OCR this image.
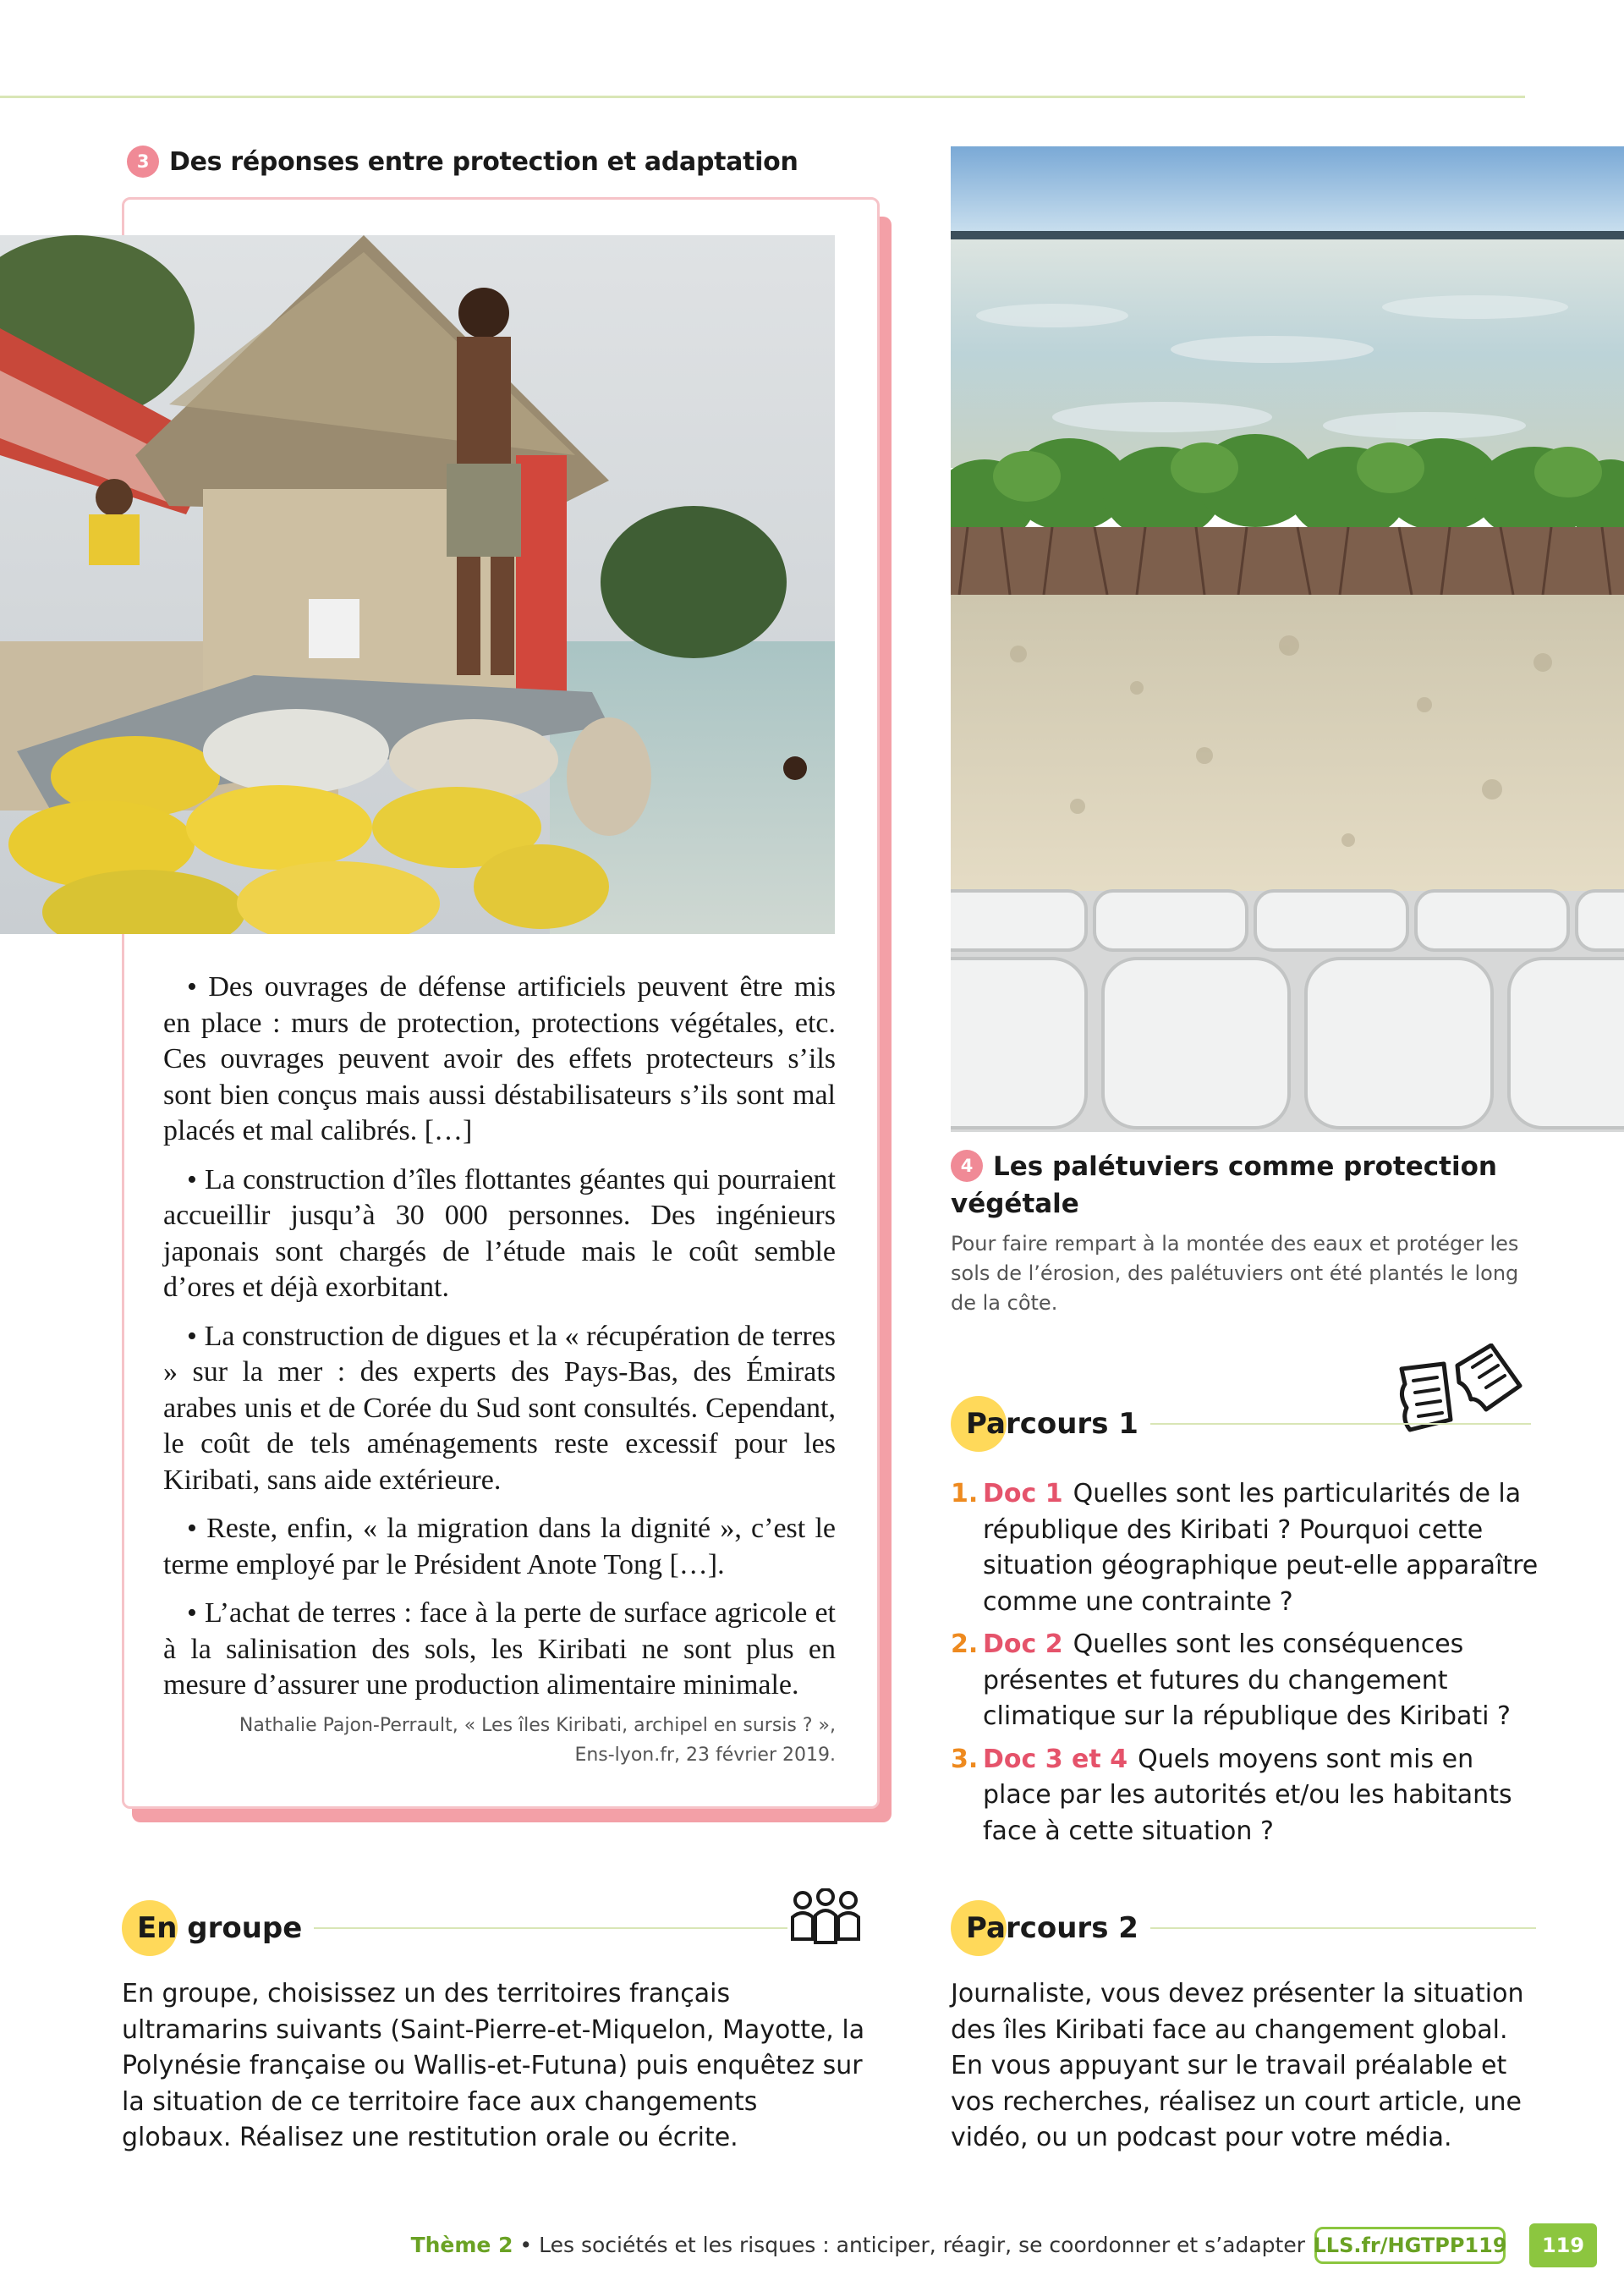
3 Des réponses entre protection et adaptation

• Des ouvrages de défense artificiels peuvent être mis en place : murs de protection, protections végétales, etc. Ces ouvrages peuvent avoir des effets protecteurs s’ils sont bien conçus mais aussi déstabilisateurs s’ils sont mal placés et mal calibrés. […]

• La construction d’îles flottantes géantes qui pourraient accueillir jusqu’à 30 000 personnes. Des ingénieurs japonais sont chargés de l’étude mais le coût semble d’ores et déjà exorbitant.

• La construction de digues et la « récupération de terres » sur la mer : des experts des Pays-Bas, des Émirats arabes unis et de Corée du Sud sont consultés. Cependant, le coût de tels aménagements reste excessif pour les Kiribati, sans aide extérieure.

• Reste, enfin, « la migration dans la dignité », c’est le terme employé par le Président Anote Tong […].

• L’achat de terres : face à la perte de surface agricole et à la salinisation des sols, les Kiribati ne sont plus en mesure d’assurer une production alimentaire minimale.

Nathalie Pajon-Perrault, « Les îles Kiribati, archipel en sursis ? »,
Ens-lyon.fr, 23 février 2019.
4 Les palétuviers comme protection végétale
Pour faire rempart à la montée des eaux et protéger les sols de l’érosion, des palétuviers ont été plantés le long de la côte.
Parcours 1
1. Doc 1 Quelles sont les particularités de la république des Kiribati ? Pourquoi cette situation géographique peut-elle apparaître comme une contrainte ?
2. Doc 2 Quelles sont les conséquences présentes et futures du changement climatique sur la république des Kiribati ?
3. Doc 3 et 4 Quels moyens sont mis en place par les autorités et/ou les habitants face à cette situation ?
En groupe
En groupe, choisissez un des territoires français ultramarins suivants (Saint-Pierre-et-Miquelon, Mayotte, la Polynésie française ou Wallis-et-Futuna) puis enquêtez sur la situation de ce territoire face aux changements globaux. Réalisez une restitution orale ou écrite.
Parcours 2
Journaliste, vous devez présenter la situation des îles Kiribati face au changement global. En vous appuyant sur le travail préalable et vos recherches, réalisez un court article, une vidéo, ou un podcast pour votre média.
Thème 2 • Les sociétés et les risques : anticiper, réagir, se coordonner et s’adapter LLS.fr/HGTPP119	119
